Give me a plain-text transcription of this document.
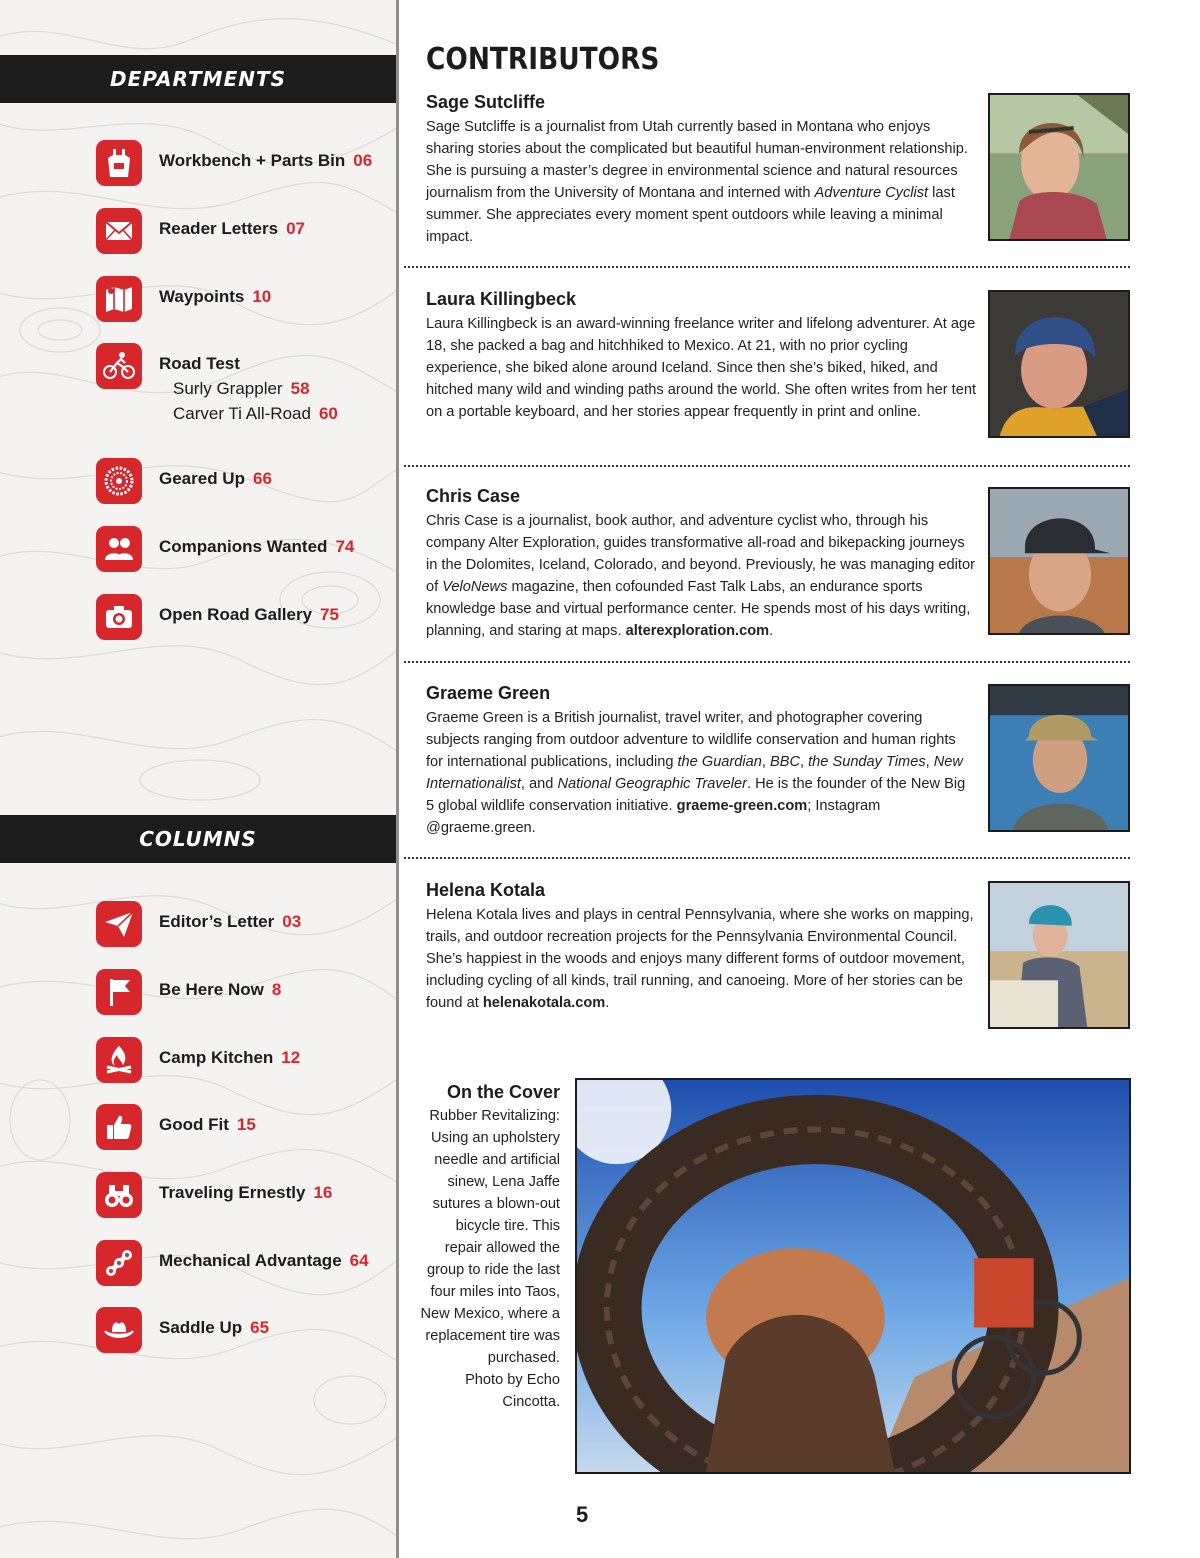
DEPARTMENTS
Workbench + Parts Bin 06
Reader Letters 07
Waypoints 10
Road Test
Surly Grappler 58
Carver Ti All-Road 60
Geared Up 66
Companions Wanted 74
Open Road Gallery 75
COLUMNS
Editor’s Letter 03
Be Here Now 8
Camp Kitchen 12
Good Fit 15
Traveling Ernestly 16
Mechanical Advantage 64
Saddle Up 65
CONTRIBUTORS
Sage Sutcliffe

Sage Sutcliffe is a journalist from Utah currently based in Montana who enjoys sharing stories about the complicated but beautiful human-environment relationship. She is pursuing a master’s degree in environmental science and natural resources journalism from the University of Montana and interned with Adventure Cyclist last summer. She appreciates every moment spent outdoors while leaving a minimal impact.

Laura Killingbeck

Laura Killingbeck is an award-winning freelance writer and lifelong adventurer. At age 18, she packed a bag and hitchhiked to Mexico. At 21, with no prior cycling experience, she biked alone around Iceland. Since then she’s biked, hiked, and hitched many wild and winding paths around the world. She often writes from her tent on a portable keyboard, and her stories appear frequently in print and online.

Chris Case

Chris Case is a journalist, book author, and adventure cyclist who, through his company Alter Exploration, guides transformative all-road and bikepacking journeys in the Dolomites, Iceland, Colorado, and beyond. Previously, he was managing editor of VeloNews magazine, then cofounded Fast Talk Labs, an endurance sports knowledge base and virtual performance center. He spends most of his days writing, planning, and staring at maps. alterexploration.com.

Graeme Green

Graeme Green is a British journalist, travel writer, and photographer covering subjects ranging from outdoor adventure to wildlife conservation and human rights for international publications, including the Guardian, BBC, the Sunday Times, New Internationalist, and National Geographic Traveler. He is the founder of the New Big 5 global wildlife conservation initiative. graeme-green.com; Instagram @graeme.green.

Helena Kotala

Helena Kotala lives and plays in central Pennsylvania, where she works on mapping, trails, and outdoor recreation projects for the Pennsylvania Environmental Council. She’s happiest in the woods and enjoys many different forms of outdoor movement, including cycling of all kinds, trail running, and canoeing. More of her stories can be found at helenakotala.com.

On the Cover

Rubber Revitalizing: Using an upholstery needle and artificial sinew, Lena Jaffe sutures a blown-out bicycle tire. This repair allowed the group to ride the last four miles into Taos, New Mexico, where a replacement tire was purchased.

Photo by Echo Cincotta.

5
